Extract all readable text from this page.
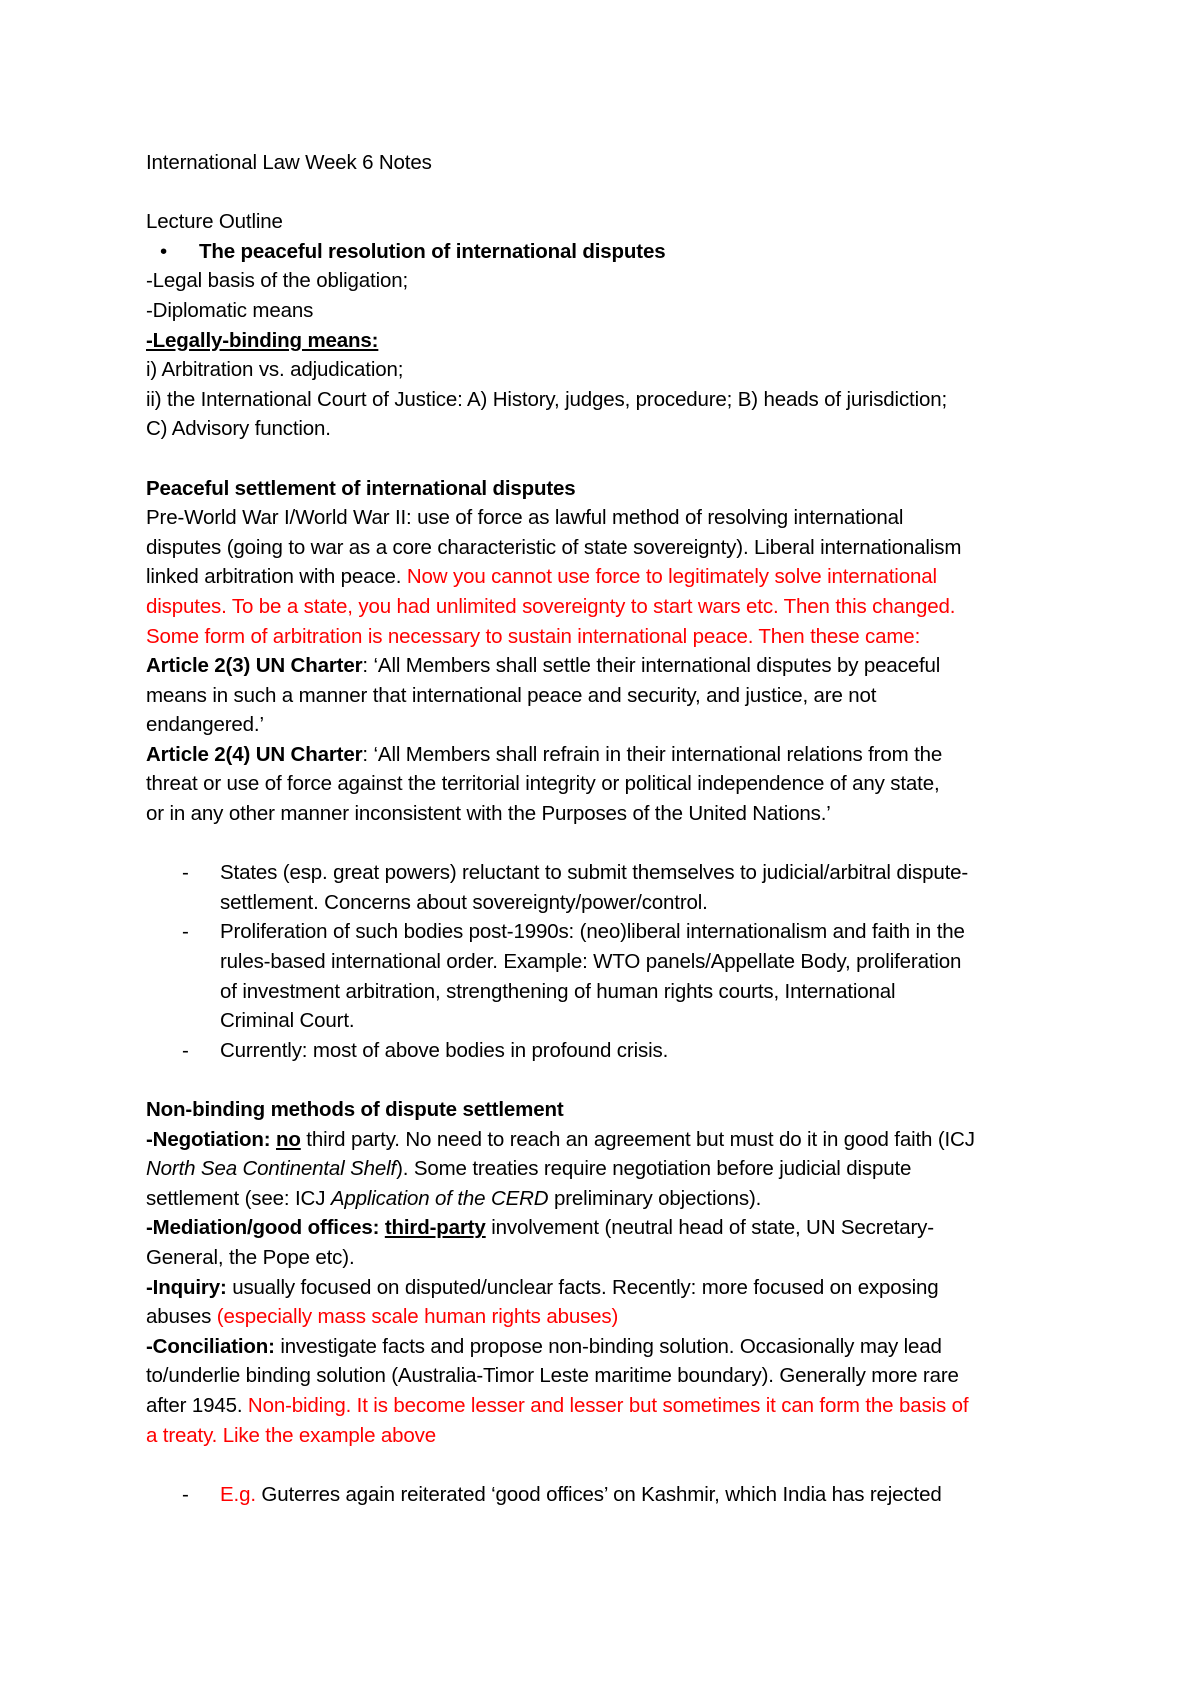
International Law Week 6 Notes
Lecture Outline
•	The peaceful resolution of international disputes
-Legal basis of the obligation;
-Diplomatic means
-Legally-binding means:
i) Arbitration vs. adjudication;
ii) the International Court of Justice: A) History, judges, procedure; B) heads of jurisdiction;
C) Advisory function.
Peaceful settlement of international disputes
Pre-World War I/World War II: use of force as lawful method of resolving international
disputes (going to war as a core characteristic of state sovereignty). Liberal internationalism
linked arbitration with peace. Now you cannot use force to legitimately solve international
disputes. To be a state, you had unlimited sovereignty to start wars etc. Then this changed.
Some form of arbitration is necessary to sustain international peace. Then these came:
Article 2(3) UN Charter: ‘All Members shall settle their international disputes by peaceful
means in such a manner that international peace and security, and justice, are not
endangered.’
Article 2(4) UN Charter: ‘All Members shall refrain in their international relations from the
threat or use of force against the territorial integrity or political independence of any state,
or in any other manner inconsistent with the Purposes of the United Nations.’
-	States (esp. great powers) reluctant to submit themselves to judicial/arbitral dispute-
settlement. Concerns about sovereignty/power/control.
-	Proliferation of such bodies post-1990s: (neo)liberal internationalism and faith in the
rules-based international order. Example: WTO panels/Appellate Body, proliferation
of investment arbitration, strengthening of human rights courts, International
Criminal Court.
-	Currently: most of above bodies in profound crisis.
Non-binding methods of dispute settlement
-Negotiation: no third party. No need to reach an agreement but must do it in good faith (ICJ
North Sea Continental Shelf). Some treaties require negotiation before judicial dispute
settlement (see: ICJ Application of the CERD preliminary objections).
-Mediation/good offices: third-party involvement (neutral head of state, UN Secretary-
General, the Pope etc).
-Inquiry: usually focused on disputed/unclear facts. Recently: more focused on exposing
abuses (especially mass scale human rights abuses)
-Conciliation: investigate facts and propose non-binding solution. Occasionally may lead
to/underlie binding solution (Australia-Timor Leste maritime boundary). Generally more rare
after 1945. Non-biding. It is become lesser and lesser but sometimes it can form the basis of
a treaty. Like the example above
-	E.g. Guterres again reiterated ‘good offices’ on Kashmir, which India has rejected
